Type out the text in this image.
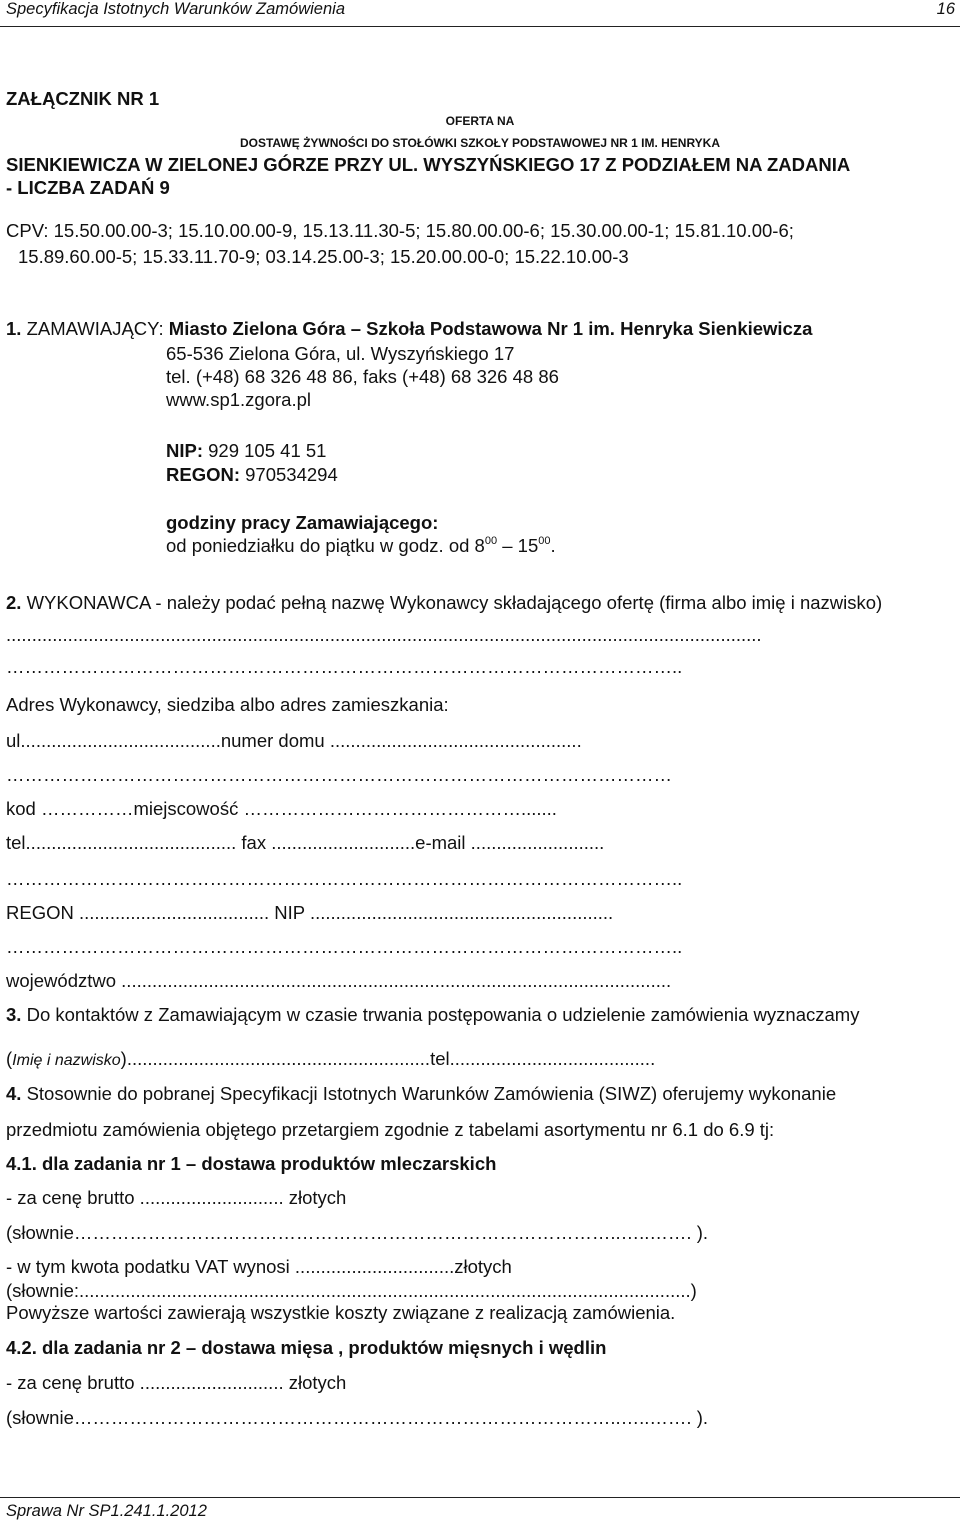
Specyfikacja Istotnych Warunków Zamówienia	16
ZAŁĄCZNIK NR 1
OFERTA NA
DOSTAWĘ ŻYWNOŚCI DO STOŁÓWKI SZKOŁY PODSTAWOWEJ NR 1 IM. HENRYKA
SIENKIEWICZA W ZIELONEJ GÓRZE PRZY UL. WYSZYŃSKIEGO 17 Z PODZIAŁEM NA ZADANIA
- LICZBA ZADAŃ 9
CPV: 15.50.00.00-3; 15.10.00.00-9, 15.13.11.30-5; 15.80.00.00-6; 15.30.00.00-1; 15.81.10.00-6;
15.89.60.00-5; 15.33.11.70-9; 03.14.25.00-3; 15.20.00.00-0; 15.22.10.00-3
1. ZAMAWIAJĄCY: Miasto Zielona Góra – Szkoła Podstawowa Nr 1 im. Henryka Sienkiewicza
65-536 Zielona Góra, ul. Wyszyńskiego 17
tel. (+48) 68 326 48 86, faks (+48) 68 326 48 86
www.sp1.zgora.pl
NIP: 929 105 41 51
REGON: 970534294
godziny pracy Zamawiającego:
od poniedziałku do piątku w godz. od $8^{00} - 15^{00}$.
2. WYKONAWCA - należy podać pełną nazwę Wykonawcy składającego ofertę (firma albo imię i nazwisko)
...................................................................................................................................................
………………………………………………………………………………………………..
Adres Wykonawcy, siedziba albo adres zamieszkania:
ul.......................................numer domu .................................................
………………………………………………………………………………………………
kod ……………miejscowość ……………………………………….......
tel......................................... fax ............................e-mail ..........................
………………………………………………………………………………………………..
REGON ..................................... NIP ...........................................................
………………………………………………………………………………………………..
województwo ...........................................................................................................
3. Do kontaktów z Zamawiającym w czasie trwania postępowania o udzielenie zamówienia wyznaczamy
(Imię i nazwisko)...........................................................tel........................................
4. Stosownie do pobranej Specyfikacji Istotnych Warunków Zamówienia (SIWZ) oferujemy wykonanie
przedmiotu zamówienia objętego przetargiem zgodnie z tabelami asortymentu nr 6.1 do 6.9 tj:
4.1. dla zadania nr 1 – dostawa produktów mleczarskich
- za cenę brutto ............................ złotych
(słownie……………………………………………………………………………..…..……. ).
- w tym kwota podatku VAT wynosi ...............................złotych
(słownie:.......................................................................................................................)
Powyższe wartości zawierają wszystkie koszty związane z realizacją zamówienia.
4.2. dla zadania nr 2 – dostawa mięsa , produktów mięsnych i wędlin
- za cenę brutto ............................ złotych
(słownie……………………………………………………………………………..…..……. ).
Sprawa Nr SP1.241.1.2012
